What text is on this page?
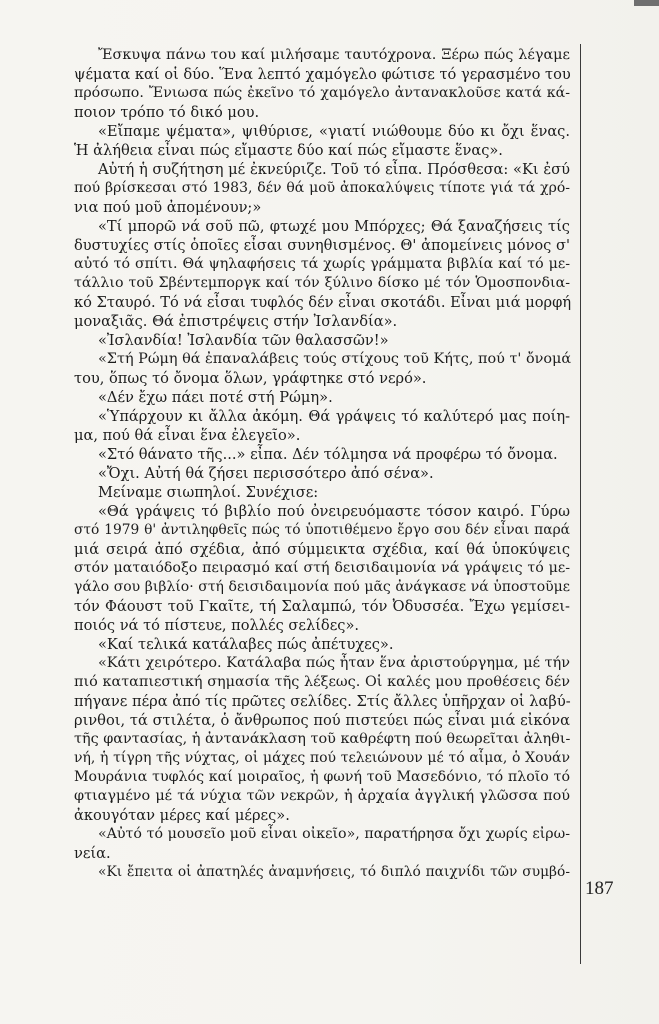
Ἔσκυψα πάνω του καί μιλήσαμε ταυτόχρονα. Ξέρω πώς λέγαμε
ψέματα καί οἱ δύο. Ἕνα λεπτό χαμόγελο φώτισε τό γερασμένο του
πρόσωπο. Ἔνιωσα πώς ἐκεῖνο τό χαμόγελο ἀντανακλοῦσε κατά κά-
ποιον τρόπο τό δικό μου.
«Εἴπαμε ψέματα», ψιθύρισε, «γιατί νιώθουμε δύο κι ὄχι ἕνας.
Ἡ ἀλήθεια εἶναι πώς εἴμαστε δύο καί πώς εἴμαστε ἕνας».
Αὐτή ἡ συζήτηση μέ ἐκνεύριζε. Τοῦ τό εἶπα. Πρόσθεσα: «Κι ἐσύ
πού βρίσκεσαι στό 1983, δέν θά μοῦ ἀποκαλύψεις τίποτε γιά τά χρό-
νια πού μοῦ ἀπομένουν;»
«Τί μπορῶ νά σοῦ πῶ, φτωχέ μου Μπόρχες; Θά ξαναζήσεις τίς
δυστυχίες στίς ὁποῖες εἶσαι συνηθισμένος. Θ' ἀπομείνεις μόνος σ'
αὐτό τό σπίτι. Θά ψηλαφήσεις τά χωρίς γράμματα βιβλία καί τό με-
τάλλιο τοῦ Σβέντεμποργκ καί τόν ξύλινο δίσκο μέ τόν Ὁμοσπονδια-
κό Σταυρό. Τό νά εἶσαι τυφλός δέν εἶναι σκοτάδι. Εἶναι μιά μορφή
μοναξιᾶς. Θά ἐπιστρέψεις στήν Ἰσλανδία».
«Ἰσλανδία! Ἰσλανδία τῶν θαλασσῶν!»
«Στή Ρώμη θά ἐπαναλάβεις τούς στίχους τοῦ Κήτς, πού τ' ὄνομά
του, ὅπως τό ὄνομα ὅλων, γράφτηκε στό νερό».
«Δέν ἔχω πάει ποτέ στή Ρώμη».
«Ὑπάρχουν κι ἄλλα ἀκόμη. Θά γράψεις τό καλύτερό μας ποίη-
μα, πού θά εἶναι ἕνα ἐλεγεῖο».
«Στό θάνατο τῆς...» εἶπα. Δέν τόλμησα νά προφέρω τό ὄνομα.
«Ὄχι. Αὐτή θά ζήσει περισσότερο ἀπό σένα».
Μείναμε σιωπηλοί. Συνέχισε:
«Θά γράψεις τό βιβλίο πού ὀνειρευόμαστε τόσον καιρό. Γύρω
στό 1979 θ' ἀντιληφθεῖς πώς τό ὑποτιθέμενο ἔργο σου δέν εἶναι παρά
μιά σειρά ἀπό σχέδια, ἀπό σύμμεικτα σχέδια, καί θά ὑποκύψεις
στόν ματαιόδοξο πειρασμό καί στή δεισιδαιμονία νά γράψεις τό με-
γάλο σου βιβλίο· στή δεισιδαιμονία πού μᾶς ἀνάγκασε νά ὑποστοῦμε
τόν Φάουστ τοῦ Γκαῖτε, τή Σαλαμπώ, τόν Ὀδυσσέα. Ἔχω γεμίσει-
ποιός νά τό πίστευε, πολλές σελίδες».
«Καί τελικά κατάλαβες πώς ἀπέτυχες».
«Κάτι χειρότερο. Κατάλαβα πώς ἦταν ἕνα ἀριστούργημα, μέ τήν
πιό καταπιεστική σημασία τῆς λέξεως. Οἱ καλές μου προθέσεις δέν
πήγανε πέρα ἀπό τίς πρῶτες σελίδες. Στίς ἄλλες ὑπῆρχαν οἱ λαβύ-
ρινθοι, τά στιλέτα, ὁ ἄνθρωπος πού πιστεύει πώς εἶναι μιά εἰκόνα
τῆς φαντασίας, ἡ ἀντανάκλαση τοῦ καθρέφτη πού θεωρεῖται ἀληθι-
νή, ἡ τίγρη τῆς νύχτας, οἱ μάχες πού τελειώνουν μέ τό αἷμα, ὁ Χουάν
Μουράνια τυφλός καί μοιραῖος, ἡ φωνή τοῦ Μασεδόνιο, τό πλοῖο τό
φτιαγμένο μέ τά νύχια τῶν νεκρῶν, ἡ ἀρχαία ἀγγλική γλῶσσα πού
ἀκουγόταν μέρες καί μέρες».
«Αὐτό τό μουσεῖο μοῦ εἶναι οἰκεῖο», παρατήρησα ὄχι χωρίς εἰρω-
νεία.
«Κι ἔπειτα οἱ ἀπατηλές ἀναμνήσεις, τό διπλό παιχνίδι τῶν συμβό-
187
